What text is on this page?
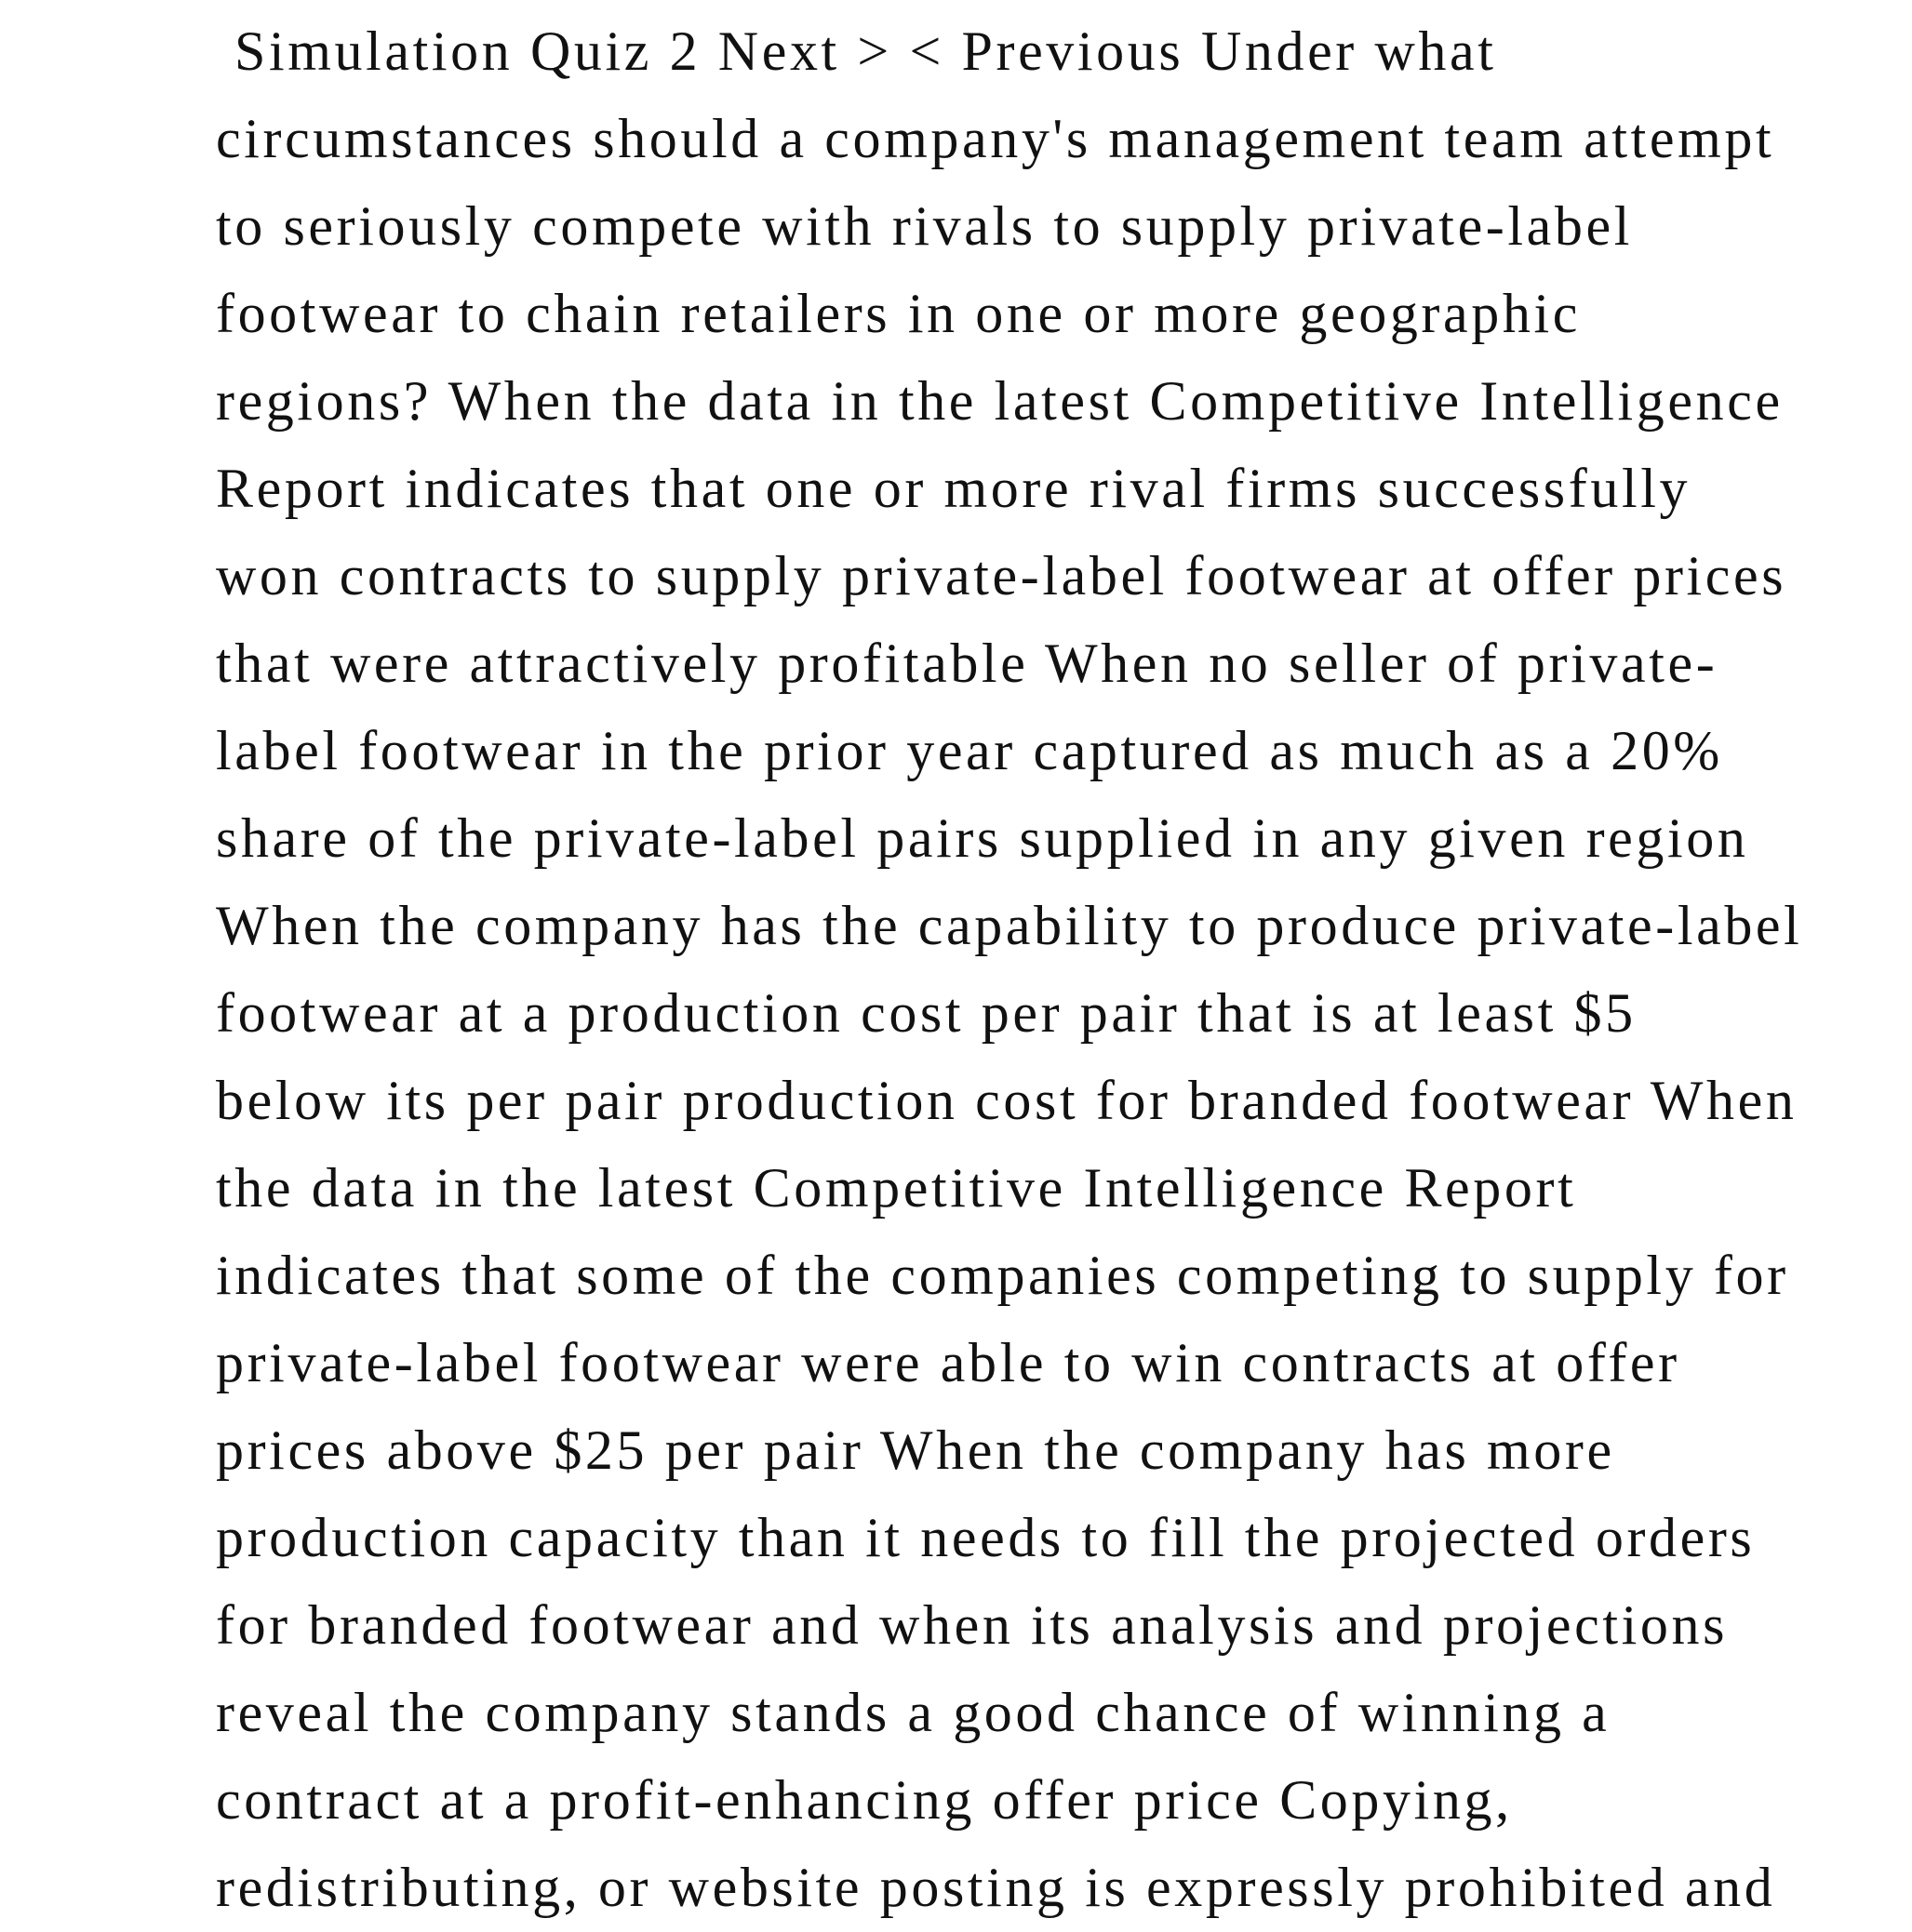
Simulation Quiz 2 Next > < Previous Under what
circumstances should a company's management team attempt
to seriously compete with rivals to supply private-label
footwear to chain retailers in one or more geographic
regions? When the data in the latest Competitive Intelligence
Report indicates that one or more rival firms successfully
won contracts to supply private-label footwear at offer prices
that were attractively profitable When no seller of private-
label footwear in the prior year captured as much as a 20%
share of the private-label pairs supplied in any given region
When the company has the capability to produce private-label
footwear at a production cost per pair that is at least $5
below its per pair production cost for branded footwear When
the data in the latest Competitive Intelligence Report
indicates that some of the companies competing to supply for
private-label footwear were able to win contracts at offer
prices above $25 per pair When the company has more
production capacity than it needs to fill the projected orders
for branded footwear and when its analysis and projections
reveal the company stands a good chance of winning a
contract at a profit-enhancing offer price Copying,
redistributing, or website posting is expressly prohibited and
